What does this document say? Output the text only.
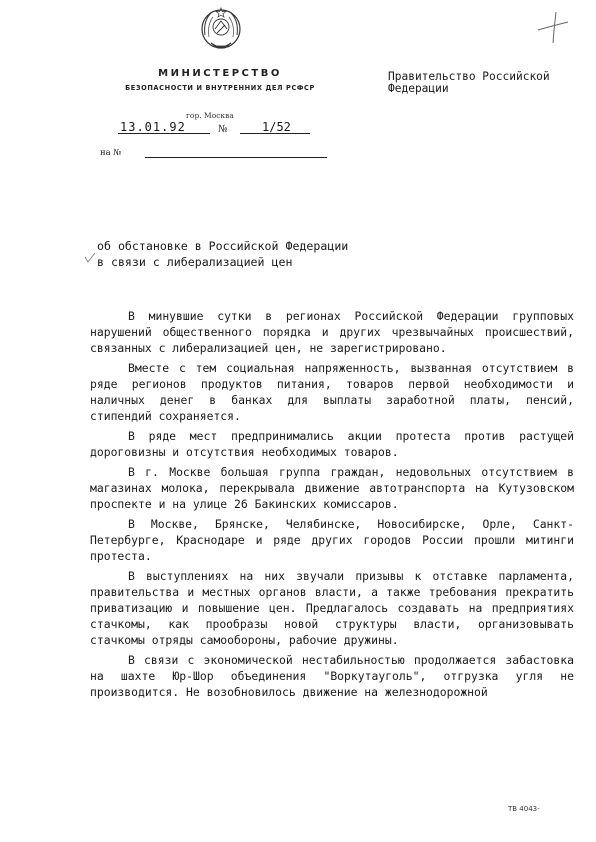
МИНИСТЕРСТВО
БЕЗОПАСНОСТИ И ВНУТРЕННИХ ДЕЛ РСФСР
Правительство Российской
Федерации
гор. Москва
13.01.92	№	1/52
на №
об обстановке в Российской Федерации
в связи с либерализацией цен

В минувшие сутки в регионах Российской Федерации групповых нарушений общественного порядка и других чрезвычайных происшествий, связанных с либерализацией цен, не зарегистрировано.

Вместе с тем социальная напряженность, вызванная отсутствием в ряде регионов продуктов питания, товаров первой необходимости и наличных денег в банках для выплаты заработной платы, пенсий, стипендий сохраняется.

В ряде мест предпринимались акции протеста против растущей дороговизны и отсутствия необходимых товаров.

В г. Москве большая группа граждан, недовольных отсутствием в магазинах молока, перекрывала движение автотранспорта на Кутузовском проспекте и на улице 26 Бакинских комиссаров.

В Москве, Брянске, Челябинске, Новосибирске, Орле, Санкт-Петербурге, Краснодаре и ряде других городов России прошли митинги протеста.

В выступлениях на них звучали призывы к отставке парламента, правительства и местных органов власти, а также требования прекратить приватизацию и повышение цен. Предлагалось создавать на предприятиях стачкомы, как прообразы новой структуры власти, организовывать стачкомы отряды самообороны, рабочие дружины.

В связи с экономической нестабильностью продолжается забастовка на шахте Юр-Шор объединения "Воркутауголь", отгрузка угля не производится. Не возобновилось движение на железнодорожной

ТВ 4043-
